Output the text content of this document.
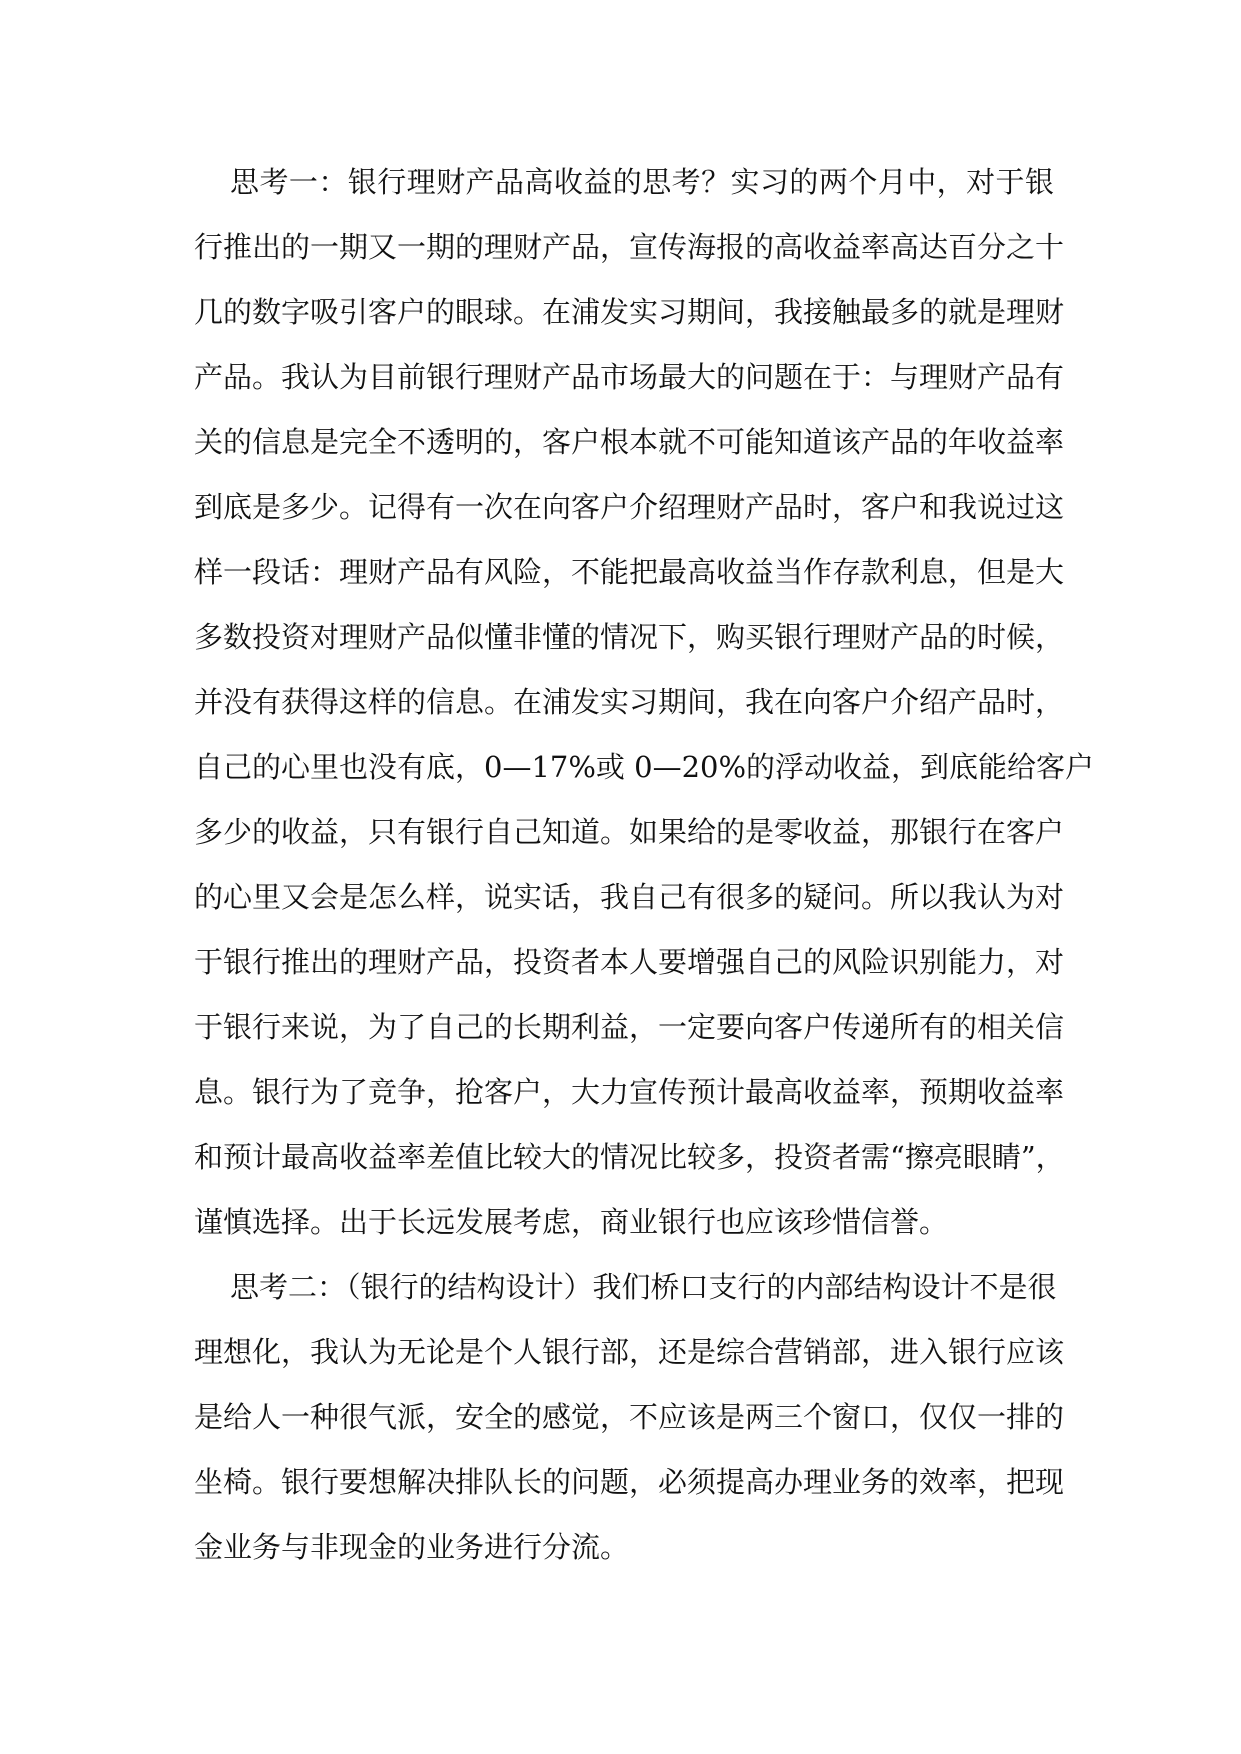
思考一：银行理财产品高收益的思考？实习的两个月中，对于银
行推出的一期又一期的理财产品，宣传海报的高收益率高达百分之十
几的数字吸引客户的眼球。在浦发实习期间，我接触最多的就是理财
产品。我认为目前银行理财产品市场最大的问题在于：与理财产品有
关的信息是完全不透明的，客户根本就不可能知道该产品的年收益率
到底是多少。记得有一次在向客户介绍理财产品时，客户和我说过这
样一段话：理财产品有风险，不能把最高收益当作存款利息，但是大
多数投资对理财产品似懂非懂的情况下，购买银行理财产品的时候，
并没有获得这样的信息。在浦发实习期间，我在向客户介绍产品时，
自己的心里也没有底，0—17%或 0—20%的浮动收益，到底能给客户
多少的收益，只有银行自己知道。如果给的是零收益，那银行在客户
的心里又会是怎么样，说实话，我自己有很多的疑问。所以我认为对
于银行推出的理财产品，投资者本人要增强自己的风险识别能力，对
于银行来说，为了自己的长期利益，一定要向客户传递所有的相关信
息。银行为了竞争，抢客户，大力宣传预计最高收益率，预期收益率
和预计最高收益率差值比较大的情况比较多，投资者需“擦亮眼睛”，
谨慎选择。出于长远发展考虑，商业银行也应该珍惜信誉。
思考二：（银行的结构设计）我们桥口支行的内部结构设计不是很
理想化，我认为无论是个人银行部，还是综合营销部，进入银行应该
是给人一种很气派，安全的感觉，不应该是两三个窗口，仅仅一排的
坐椅。银行要想解决排队长的问题，必须提高办理业务的效率，把现
金业务与非现金的业务进行分流。
